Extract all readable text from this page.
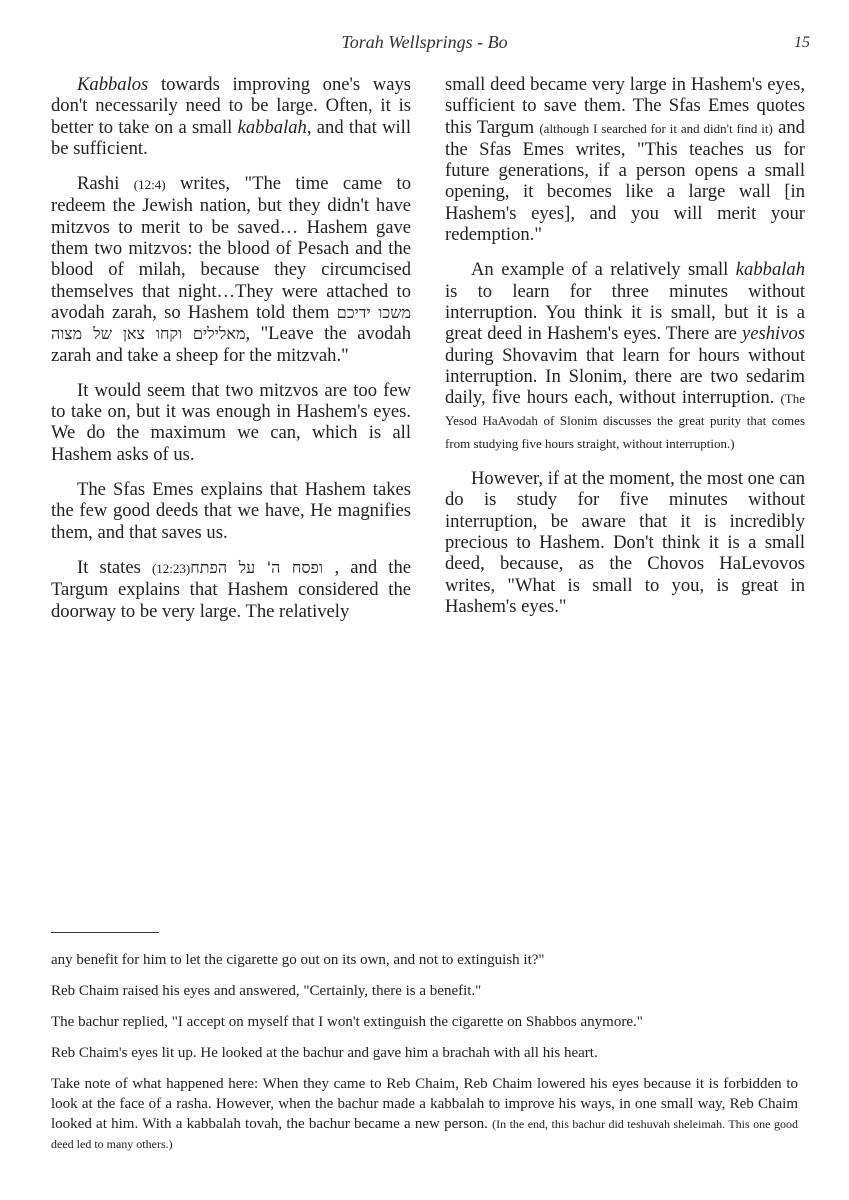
Torah Wellsprings - Bo	15

Kabbalos towards improving one's ways don't necessarily need to be large. Often, it is better to take on a small kabbalah, and that will be sufficient.

Rashi (12:4) writes, "The time came to redeem the Jewish nation, but they didn't have mitzvos to merit to be saved… Hashem gave them two mitzvos: the blood of Pesach and the blood of milah, because they circumcised themselves that night…They were attached to avodah zarah, so Hashem told them משכו ידיכם מאלילים וקחו צאן של מצוה, "Leave the avodah zarah and take a sheep for the mitzvah."

It would seem that two mitzvos are too few to take on, but it was enough in Hashem's eyes. We do the maximum we can, which is all Hashem asks of us.

The Sfas Emes explains that Hashem takes the few good deeds that we have, He magnifies them, and that saves us.

It states (12:23) ופסח ה' על הפתח, and the Targum explains that Hashem considered the doorway to be very large. The relatively

small deed became very large in Hashem's eyes, sufficient to save them. The Sfas Emes quotes this Targum (although I searched for it and didn't find it) and the Sfas Emes writes, "This teaches us for future generations, if a person opens a small opening, it becomes like a large wall [in Hashem's eyes], and you will merit your redemption."

An example of a relatively small kabbalah is to learn for three minutes without interruption. You think it is small, but it is a great deed in Hashem's eyes. There are yeshivos during Shovavim that learn for hours without interruption. In Slonim, there are two sedarim daily, five hours each, without interruption. (The Yesod HaAvodah of Slonim discusses the great purity that comes from studying five hours straight, without interruption.)

However, if at the moment, the most one can do is study for five minutes without interruption, be aware that it is incredibly precious to Hashem. Don't think it is a small deed, because, as the Chovos HaLevovos writes, "What is small to you, is great in Hashem's eyes."

any benefit for him to let the cigarette go out on its own, and not to extinguish it?"

Reb Chaim raised his eyes and answered, "Certainly, there is a benefit."

The bachur replied, "I accept on myself that I won't extinguish the cigarette on Shabbos anymore."

Reb Chaim's eyes lit up. He looked at the bachur and gave him a brachah with all his heart.

Take note of what happened here: When they came to Reb Chaim, Reb Chaim lowered his eyes because it is forbidden to look at the face of a rasha. However, when the bachur made a kabbalah to improve his ways, in one small way, Reb Chaim looked at him. With a kabbalah tovah, the bachur became a new person. (In the end, this bachur did teshuvah sheleimah. This one good deed led to many others.)
